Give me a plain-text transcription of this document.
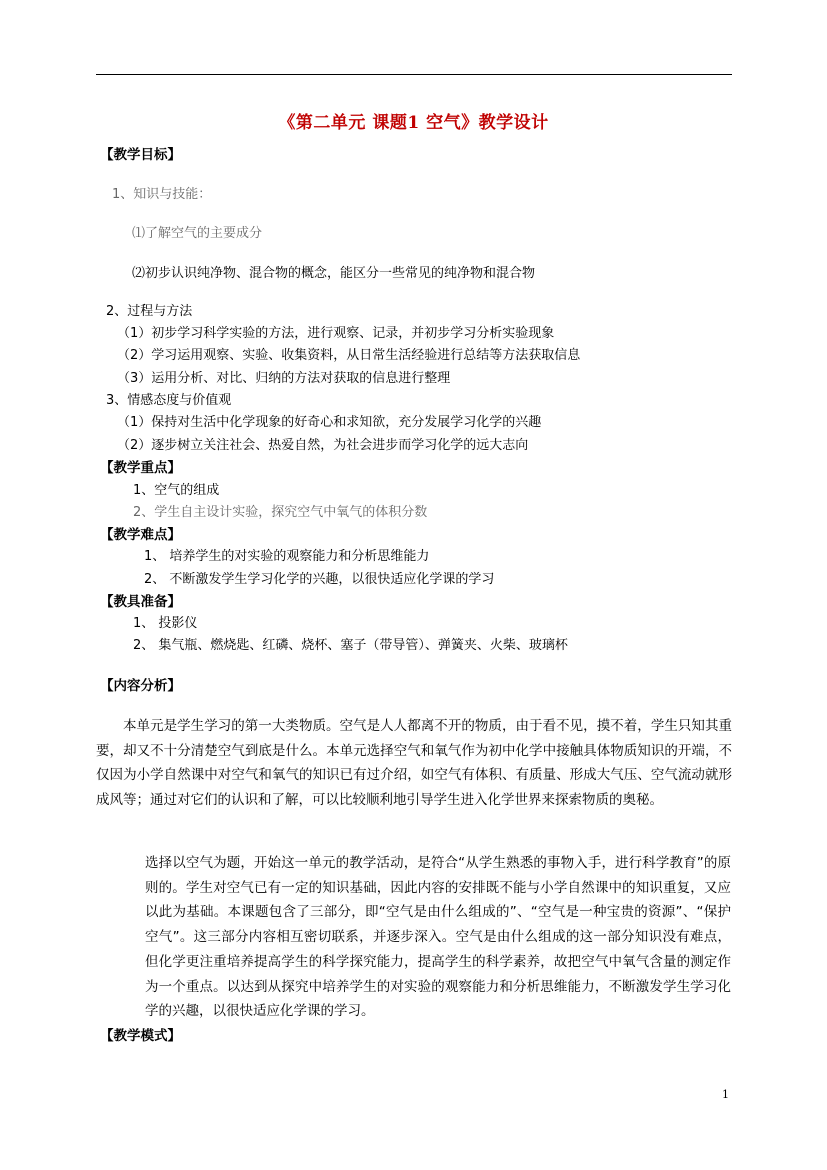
《第二单元 课题1 空气》教学设计
【教学目标】
1、知识与技能：
⑴了解空气的主要成分
⑵初步认识纯净物、混合物的概念，能区分一些常见的纯净物和混合物
2、过程与方法
（1）初步学习科学实验的方法，进行观察、记录，并初步学习分析实验现象
（2）学习运用观察、实验、收集资料，从日常生活经验进行总结等方法获取信息
（3）运用分析、对比、归纳的方法对获取的信息进行整理
3、情感态度与价值观
（1）保持对生活中化学现象的好奇心和求知欲，充分发展学习化学的兴趣
（2）逐步树立关注社会、热爱自然，为社会进步而学习化学的远大志向
【教学重点】
1、空气的组成
2、学生自主设计实验，探究空气中氧气的体积分数
【教学难点】
1、 培养学生的对实验的观察能力和分析思维能力
2、 不断激发学生学习化学的兴趣，以很快适应化学课的学习
【教具准备】
1、 投影仪
2、 集气瓶、燃烧匙、红磷、烧杯、塞子（带导管）、弹簧夹、火柴、玻璃杯
【内容分析】
本单元是学生学习的第一大类物质。空气是人人都离不开的物质，由于看不见，摸不着，学生只知其重要，却又不十分清楚空气到底是什么。本单元选择空气和氧气作为初中化学中接触具体物质知识的开端，不仅因为小学自然课中对空气和氧气的知识已有过介绍，如空气有体积、有质量、形成大气压、空气流动就形成风等；通过对它们的认识和了解，可以比较顺利地引导学生进入化学世界来探索物质的奥秘。
选择以空气为题，开始这一单元的教学活动，是符合“从学生熟悉的事物入手，进行科学教育”的原则的。学生对空气已有一定的知识基础，因此内容的安排既不能与小学自然课中的知识重复，又应以此为基础。本课题包含了三部分，即“空气是由什么组成的”、“空气是一种宝贵的资源”、“保护空气”。这三部分内容相互密切联系，并逐步深入。空气是由什么组成的这一部分知识没有难点，但化学更注重培养提高学生的科学探究能力，提高学生的科学素养，故把空气中氧气含量的测定作为一个重点。以达到从探究中培养学生的对实验的观察能力和分析思维能力，不断激发学生学习化学的兴趣，以很快适应化学课的学习。
【教学模式】
1
